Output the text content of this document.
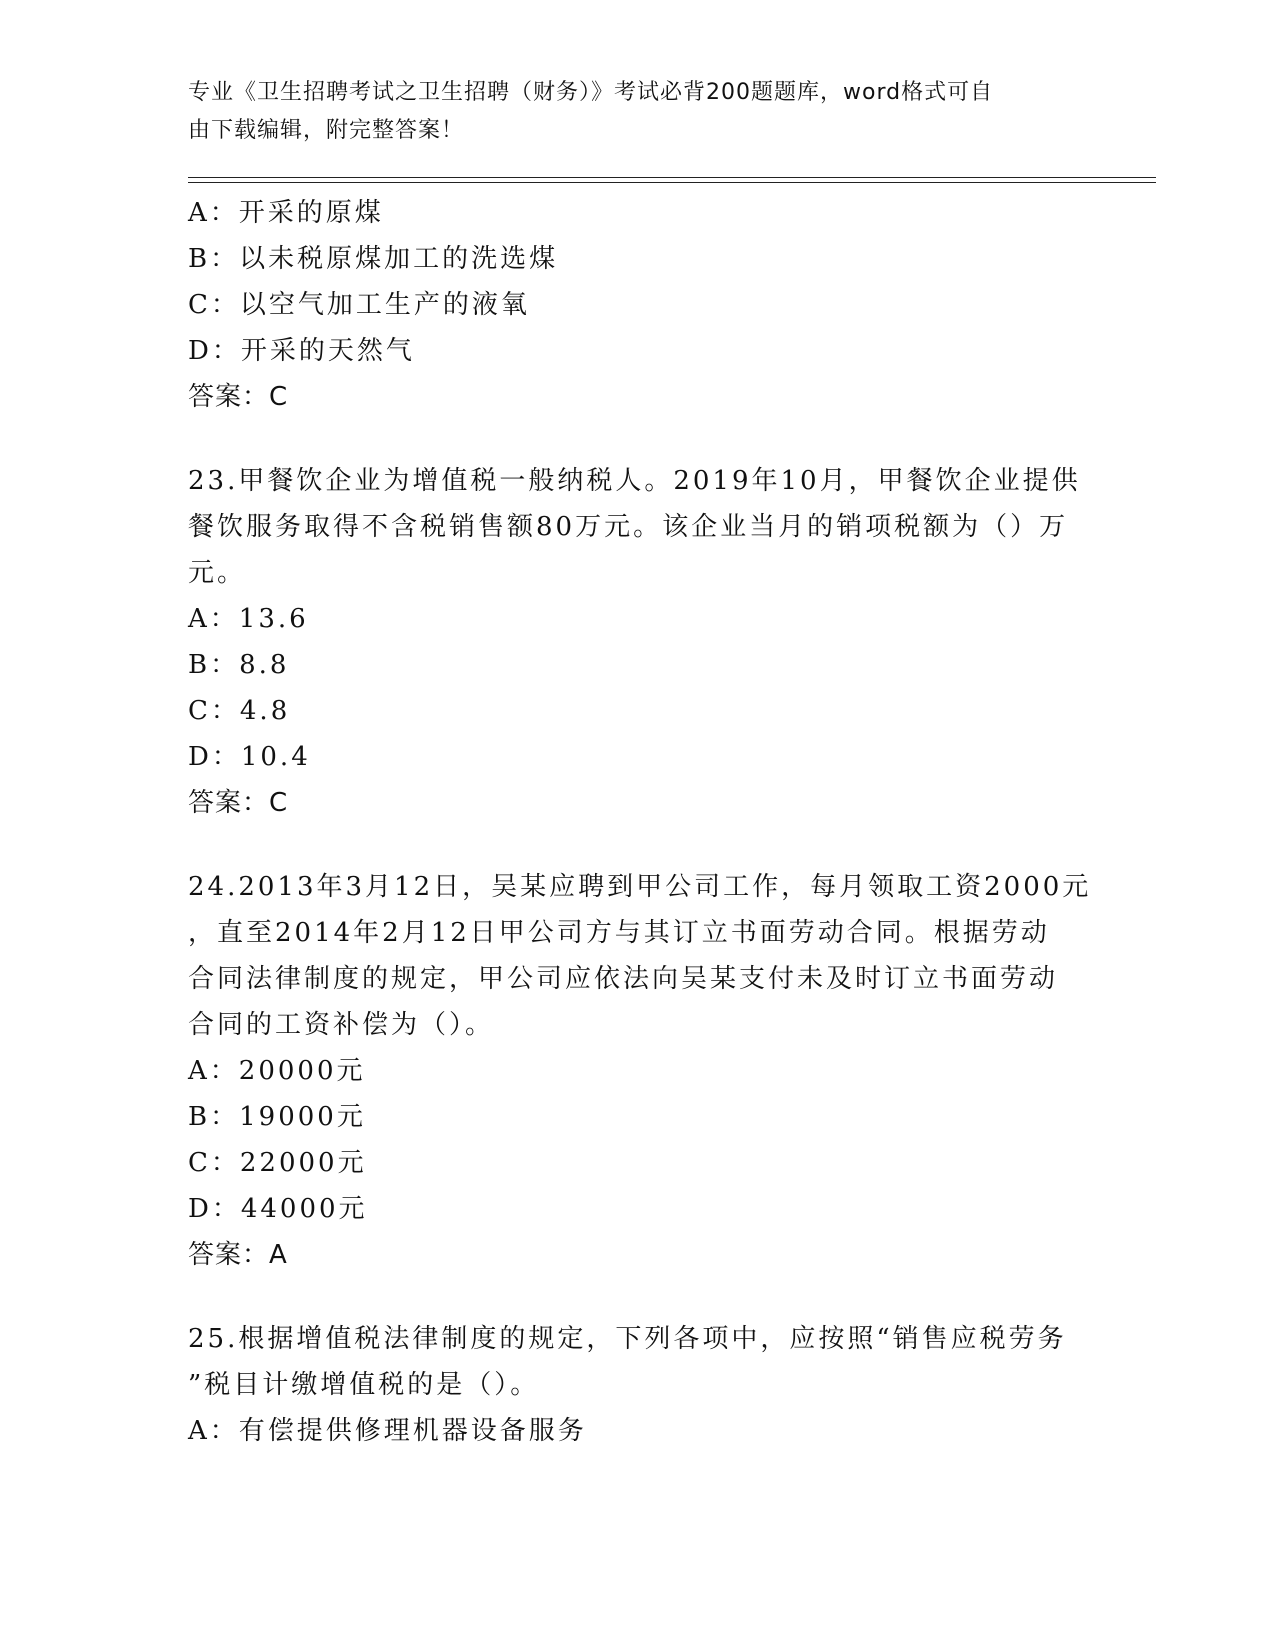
专业《卫生招聘考试之卫生招聘（财务）》考试必背200题题库，word格式可自
由下载编辑，附完整答案！
A：开采的原煤
B：以未税原煤加工的洗选煤
C：以空气加工生产的液氧
D：开采的天然气
答案：C
23.甲餐饮企业为增值税一般纳税人。2019年10月，甲餐饮企业提供
餐饮服务取得不含税销售额80万元。该企业当月的销项税额为（）万
元。
A：13.6
B：8.8
C：4.8
D：10.4
答案：C
24.2013年3月12日，吴某应聘到甲公司工作，每月领取工资2000元
，直至2014年2月12日甲公司方与其订立书面劳动合同。根据劳动
合同法律制度的规定，甲公司应依法向吴某支付未及时订立书面劳动
合同的工资补偿为（）。
A：20000元
B：19000元
C：22000元
D：44000元
答案：A
25.根据增值税法律制度的规定，下列各项中，应按照“销售应税劳务
”税目计缴增值税的是（）。
A：有偿提供修理机器设备服务
